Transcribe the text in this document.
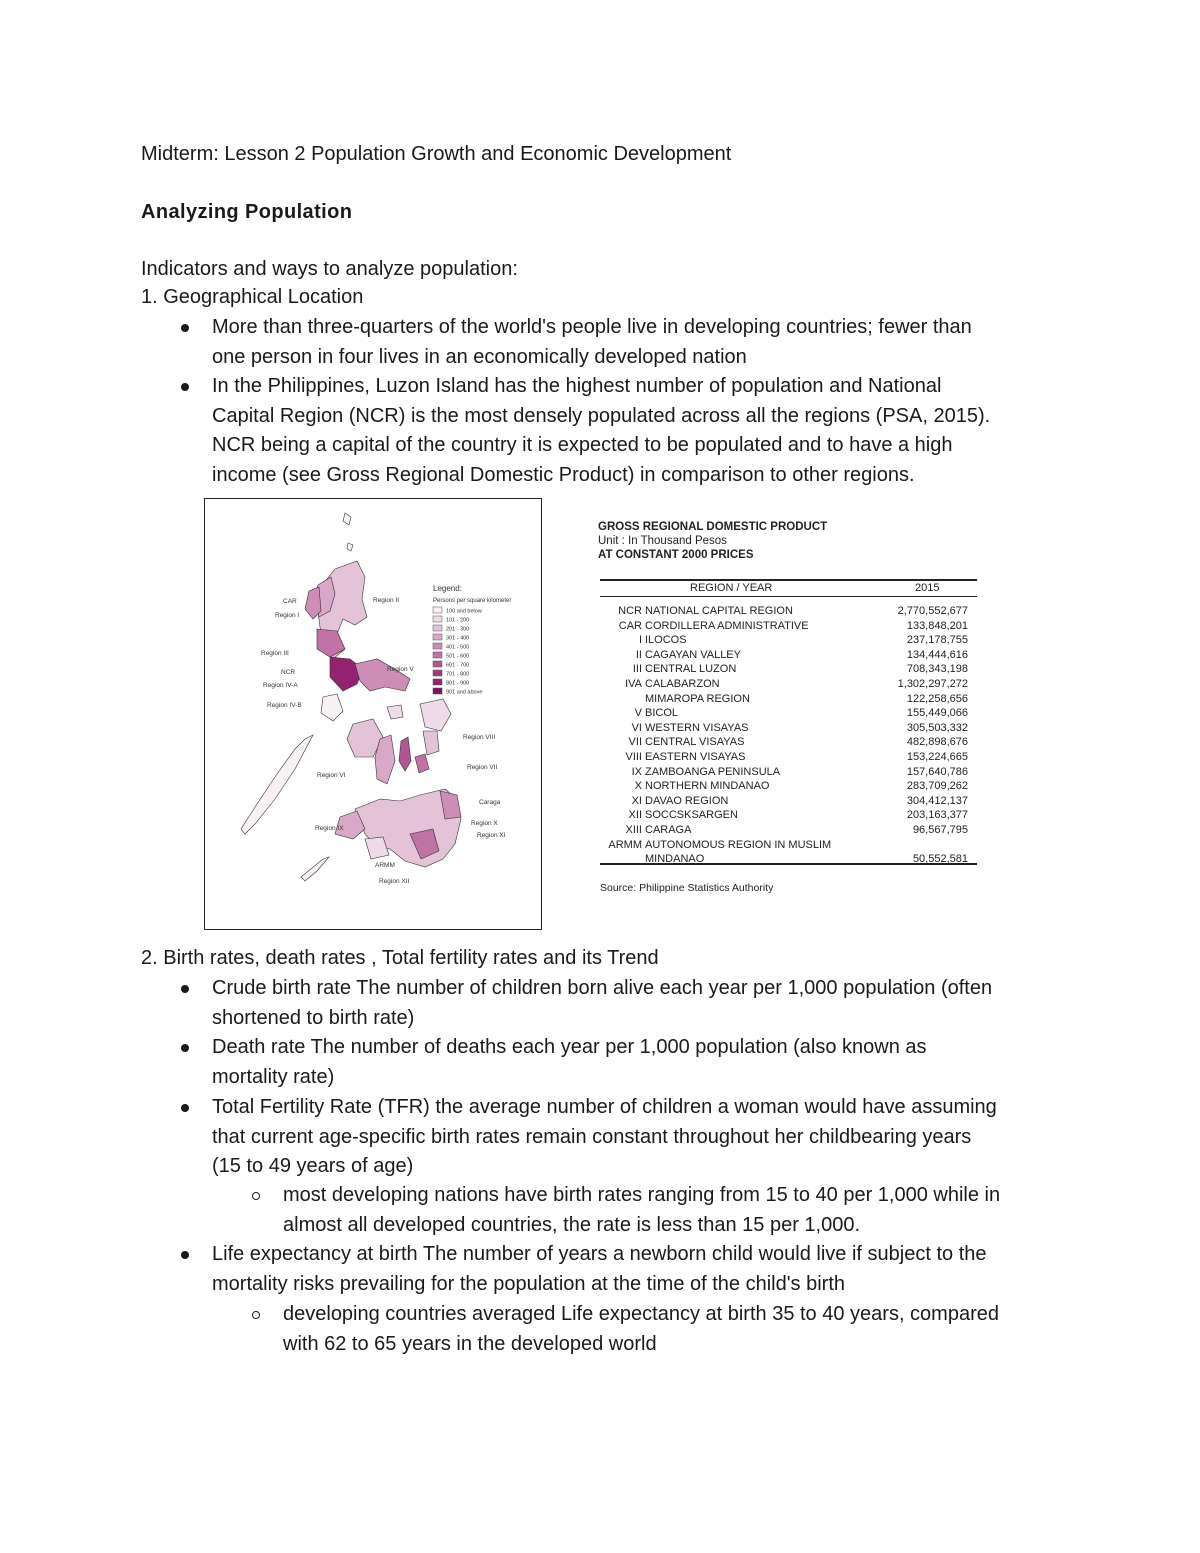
Midterm: Lesson 2 Population Growth and Economic Development
Analyzing Population
Indicators and ways to analyze population:
1. Geographical Location
More than three-quarters of the world's people live in developing countries; fewer than
one person in four lives in an economically developed nation
In the Philippines, Luzon Island has the highest number of population and National
Capital Region (NCR) is the most densely populated across all the regions (PSA, 2015).
NCR being a capital of the country it is expected to be populated and to have a high
income (see Gross Regional Domestic Product) in comparison to other regions.
Legend:
Persons per square kilometer
100 and below
101 - 200
201 - 300
301 - 400
401 - 500
501 - 600
601 - 700
701 - 800
801 - 900
901 and above
CAR
Region I
Region II
Region III
NCR
Region IV-A
Region IV-B
Region V
Region VIII
Region VII
Region VI
Caraga
Region X
Region IX
ARMM
Region XI
Region XII
GROSS REGIONAL DOMESTIC PRODUCT
Unit : In Thousand Pesos
AT CONSTANT 2000 PRICES
REGION / YEAR	2015
NCR NATIONAL CAPITAL REGION	2,770,552,677
CAR CORDILLERA ADMINISTRATIVE	133,848,201
I ILOCOS	237,178,755
II CAGAYAN VALLEY	134,444,616
III CENTRAL LUZON	708,343,198
IVA CALABARZON	1,302,297,272
MIMAROPA REGION	122,258,656
V BICOL	155,449,066
VI WESTERN VISAYAS	305,503,332
VII CENTRAL VISAYAS	482,898,676
VIII EASTERN VISAYAS	153,224,665
IX ZAMBOANGA PENINSULA	157,640,786
X NORTHERN MINDANAO	283,709,262
XI DAVAO REGION	304,412,137
XII SOCCSKSARGEN	203,163,377
XIII CARAGA	96,567,795
ARMM AUTONOMOUS REGION IN MUSLIM
MINDANAO	50,552,581
Source: Philippine Statistics Authority
2. Birth rates, death rates , Total fertility rates and its Trend
Crude birth rate The number of children born alive each year per 1,000 population (often
shortened to birth rate)
Death rate The number of deaths each year per 1,000 population (also known as
mortality rate)
Total Fertility Rate (TFR) the average number of children a woman would have assuming
that current age-specific birth rates remain constant throughout her childbearing years
(15 to 49 years of age)
most developing nations have birth rates ranging from 15 to 40 per 1,000 while in
almost all developed countries, the rate is less than 15 per 1,000.
Life expectancy at birth The number of years a newborn child would live if subject to the
mortality risks prevailing for the population at the time of the child's birth
developing countries averaged Life expectancy at birth 35 to 40 years, compared
with 62 to 65 years in the developed world
